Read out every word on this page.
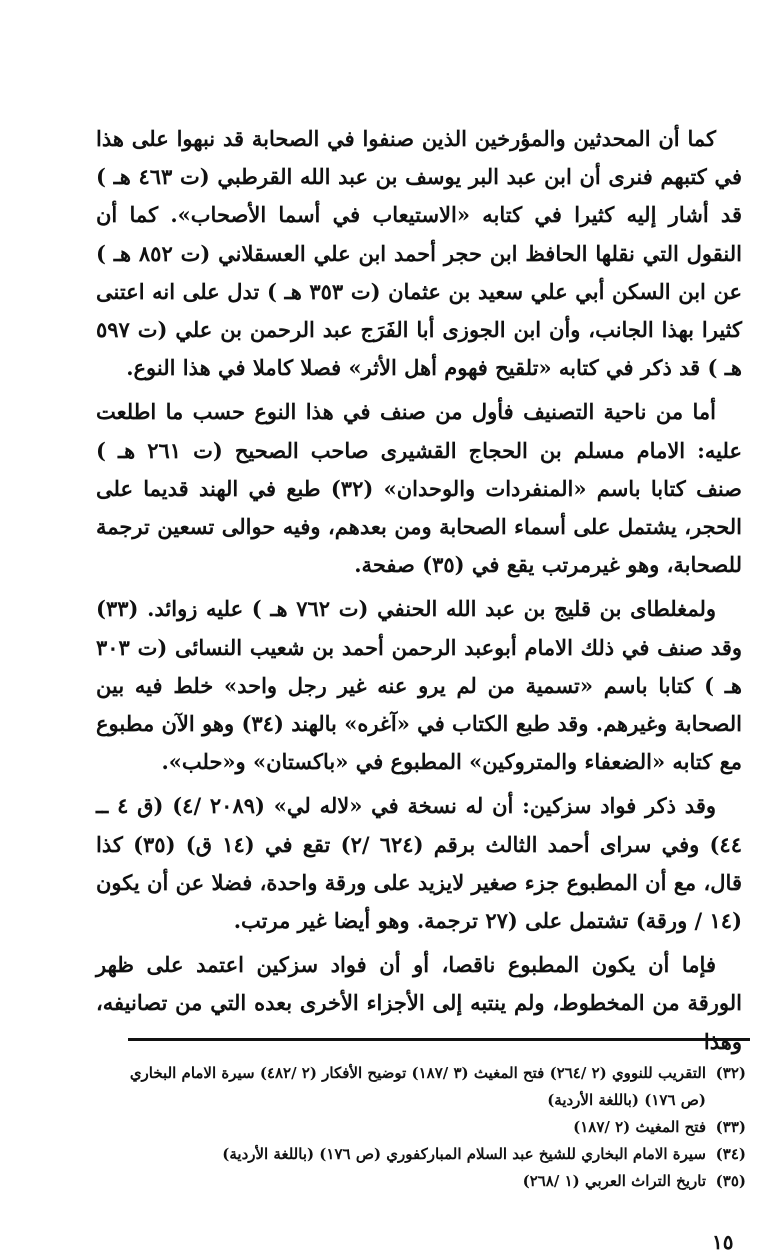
كما أن المحدثين والمؤرخين الذين صنفوا في الصحابة قد نبهوا على هذا في كتبهم فنرى أن ابن عبد البر يوسف بن عبد الله القرطبي (ت ٤٦٣ هـ ) قد أشار إليه كثيرا في كتابه «الاستيعاب في أسما الأصحاب». كما أن النقول التي نقلها الحافظ ابن حجر أحمد ابن علي العسقلاني (ت ٨٥٢ هـ ) عن ابن السكن أبي علي سعيد بن عثمان (ت ٣٥٣ هـ ) تدل على انه اعتنى كثيرا بهذا الجانب، وأن ابن الجوزى أبا الفَرَج عبد الرحمن بن علي (ت ٥٩٧ هـ ) قد ذكر في كتابه «تلقيح فهوم أهل الأثر» فصلا كاملا في هذا النوع.

أما من ناحية التصنيف فأول من صنف في هذا النوع حسب ما اطلعت عليه: الامام مسلم بن الحجاج القشيرى صاحب الصحيح (ت ٢٦١ هـ ) صنف كتابا باسم «المنفردات والوحدان» (٣٢) طبع في الهند قديما على الحجر، يشتمل على أسماء الصحابة ومن بعدهم، وفيه حوالى تسعين ترجمة للصحابة، وهو غيرمرتب يقع في (٣٥) صفحة.

ولمغلطاى بن قليج بن عبد الله الحنفي (ت ٧٦٢ هـ ) عليه زوائد. (٣٣) وقد صنف في ذلك الامام أبوعبد الرحمن أحمد بن شعيب النسائى (ت ٣٠٣ هـ ) كتابا باسم «تسمية من لم يرو عنه غير رجل واحد» خلط فيه بين الصحابة وغيرهم. وقد طبع الكتاب في «آغره» بالهند (٣٤) وهو الآن مطبوع مع كتابه «الضعفاء والمتروكين» المطبوع في «باكستان» و«حلب».

وقد ذكر فواد سزكين: أن له نسخة في «لاله لي» (٢٠٨٩ /٤) (ق ٤ ــ ٤٤) وفي سراى أحمد الثالث برقم (٦٢٤ /٢) تقع في (١٤ ق) (٣٥) كذا قال، مع أن المطبوع جزء صغير لايزيد على ورقة واحدة، فضلا عن أن يكون (١٤ / ورقة) تشتمل على (٢٧ ترجمة. وهو أيضا غير مرتب.

فإما أن يكون المطبوع ناقصا، أو أن فواد سزكين اعتمد على ظهر الورقة من المخطوط، ولم ينتبه إلى الأجزاء الأخرى بعده التي من تصانيفه، وهذا

(٣٢)
التقريب للنووي (٢ /٢٦٤) فتح المغيث (٣ /١٨٧) توضيح الأفكار (٢ /٤٨٢) سيرة الامام البخاري (ص ١٧٦) (باللغة الأردية)
(٣٣)
فتح المغيث (٢ /١٨٧)
(٣٤)
سيرة الامام البخاري للشيخ عبد السلام المباركفوري (ص ١٧٦) (باللغة الأردية)
(٣٥)
تاريخ التراث العربي (١ /٢٦٨)
١٥
